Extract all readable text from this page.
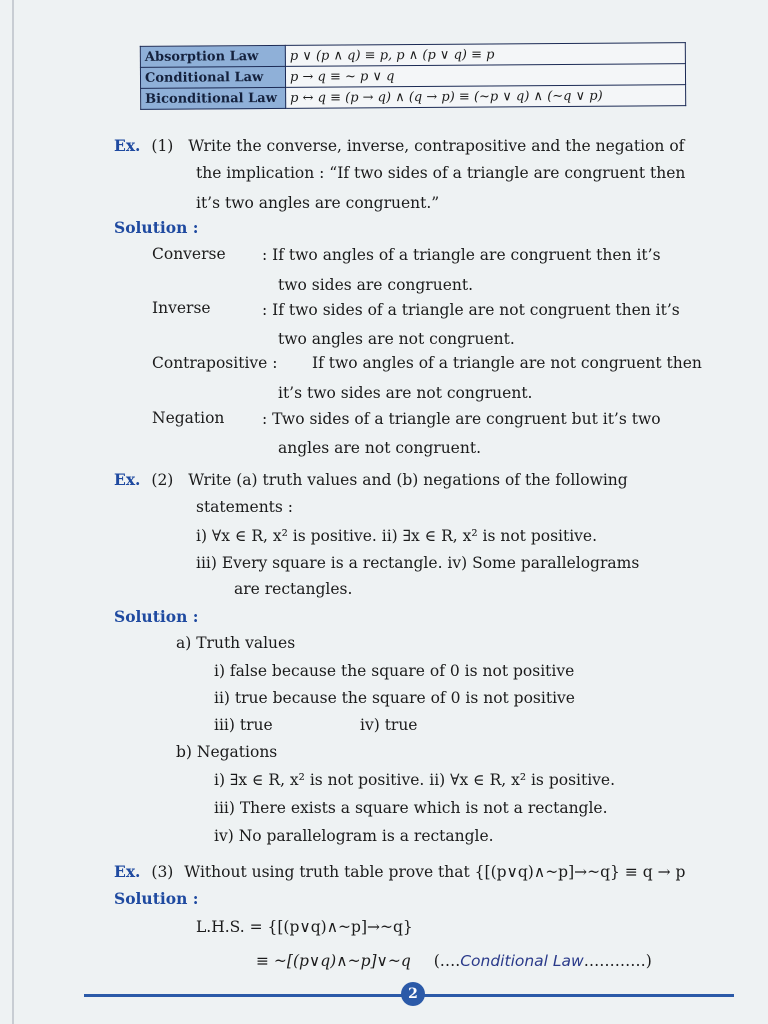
Absorption Law	p ∨ (p ∧ q) ≡ p, p ∧ (p ∨ q) ≡ p
Conditional Law	p → q ≡ ~ p ∨ q
Biconditional Law	p ↔ q ≡ (p → q) ∧ (q → p) ≡ (~p ∨ q) ∧ (~q ∨ p)
Ex. (1) Write the converse, inverse, contrapositive and the negation of
the implication : “If two sides of a triangle are congruent then
it’s two angles are congruent.”
Solution :
Converse : If two angles of a triangle are congruent then it’s
two sides are congruent.
Inverse	: If two sides of a triangle are not congruent then it’s
two angles are not congruent.
Contrapositive : If two angles of a triangle are not congruent then
it’s two sides are not congruent.
Negation : Two sides of a triangle are congruent but it’s two
angles are not congruent.
Ex. (2) Write (a) truth values and (b) negations of the following
statements :
i) ∀x ∈ R, x² is positive. ii) ∃x ∈ R, x² is not positive.
iii) Every square is a rectangle. iv) Some parallelograms
are rectangles.
Solution :
a) Truth values
i) false because the square of 0 is not positive
ii) true because the square of 0 is not positive
iii) true	iv) true
b) Negations
i) ∃x ∈ R, x² is not positive. ii) ∀x ∈ R, x² is positive.
iii) There exists a square which is not a rectangle.
iv) No parallelogram is a rectangle.
Ex. (3) Without using truth table prove that {[(p∨q)∧~p]→~q} ≡ q → p
Solution :
L.H.S. = {[(p∨q)∧~p]→~q}
≡ ~[(p∨q)∧~p]∨~q (….Conditional Law…………)
2
